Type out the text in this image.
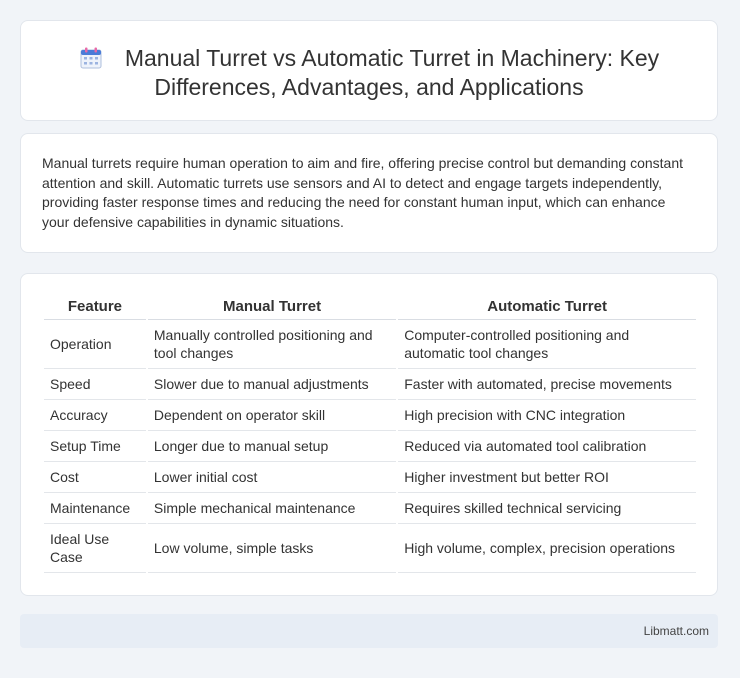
Manual Turret vs Automatic Turret in Machinery: Key Differences, Advantages, and Applications
Manual turrets require human operation to aim and fire, offering precise control but demanding constant attention and skill. Automatic turrets use sensors and AI to detect and engage targets independently, providing faster response times and reducing the need for constant human input, which can enhance your defensive capabilities in dynamic situations.
Feature	Manual Turret	Automatic Turret
Operation	Manually controlled positioning and tool changes	Computer-controlled positioning and automatic tool changes
Speed	Slower due to manual adjustments	Faster with automated, precise movements
Accuracy	Dependent on operator skill	High precision with CNC integration
Setup Time	Longer due to manual setup	Reduced via automated tool calibration
Cost	Lower initial cost	Higher investment but better ROI
Maintenance	Simple mechanical maintenance	Requires skilled technical servicing
Ideal Use Case	Low volume, simple tasks	High volume, complex, precision operations
Libmatt.com
